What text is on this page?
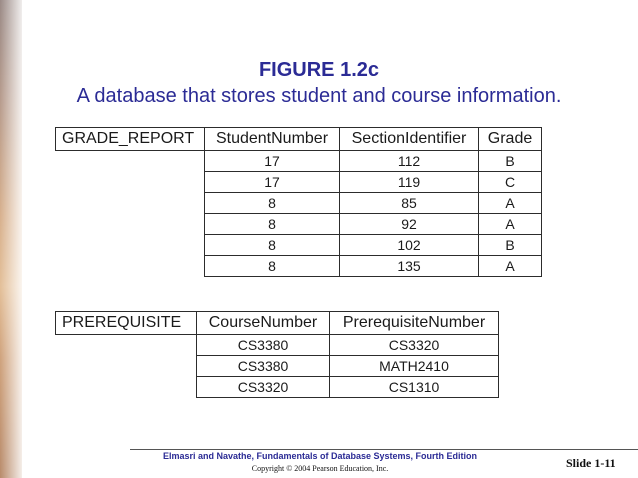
FIGURE 1.2c
A database that stores student and course information.
GRADE_REPORT	StudentNumber	SectionIdentifier	Grade
	17	112	B
	17	119	C
	8	85	A
	8	92	A
	8	102	B
	8	135	A
PREREQUISITE	CourseNumber	PrerequisiteNumber
	CS3380	CS3320
	CS3380	MATH2410
	CS3320	CS1310
Elmasri and Navathe, Fundamentals of Database Systems, Fourth Edition
Copyright © 2004 Pearson Education, Inc.	Slide 1-11
